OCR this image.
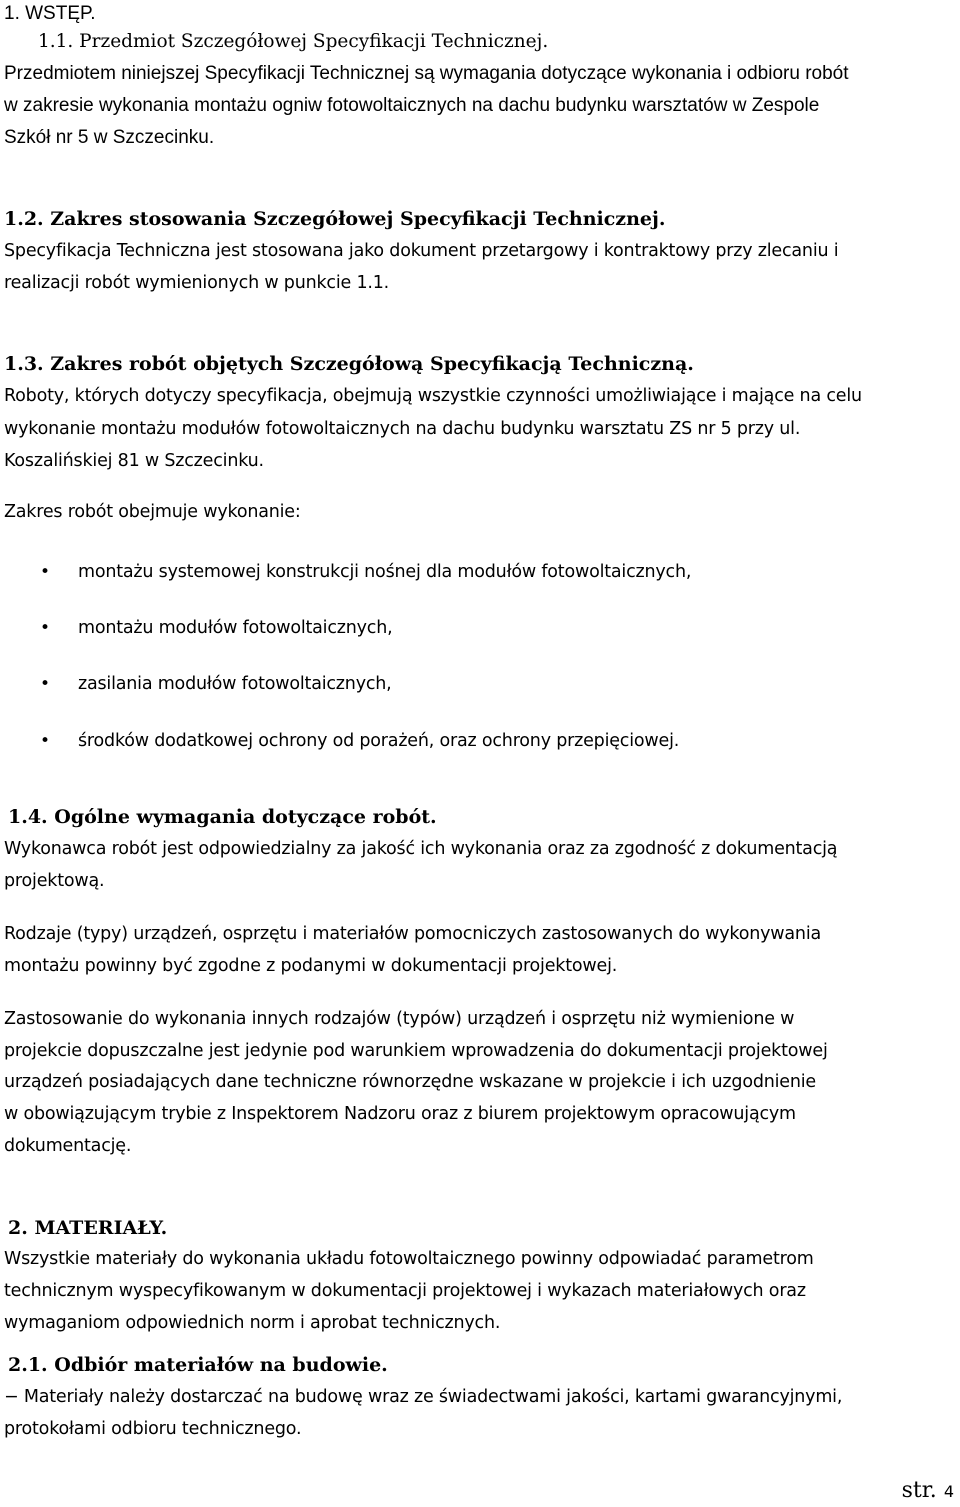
1. WSTĘP.
1.1. Przedmiot Szczegółowej Specyfikacji Technicznej.
Przedmiotem niniejszej Specyfikacji Technicznej są wymagania dotyczące wykonania i odbioru robót
w zakresie wykonania montażu ogniw fotowoltaicznych na dachu budynku warsztatów w Zespole
Szkół nr 5 w Szczecinku.
1.2. Zakres stosowania Szczegółowej Specyfikacji Technicznej.
Specyfikacja Techniczna jest stosowana jako dokument przetargowy i kontraktowy przy zlecaniu i
realizacji robót wymienionych w punkcie 1.1.
1.3. Zakres robót objętych Szczegółową Specyfikacją Techniczną.
Roboty, których dotyczy specyfikacja, obejmują wszystkie czynności umożliwiające i mające na celu
wykonanie montażu modułów fotowoltaicznych na dachu budynku warsztatu ZS nr 5 przy ul.
Koszalińskiej 81 w Szczecinku.
Zakres robót obejmuje wykonanie:
• montażu systemowej konstrukcji nośnej dla modułów fotowoltaicznych,
• montażu modułów fotowoltaicznych,
• zasilania modułów fotowoltaicznych,
• środków dodatkowej ochrony od porażeń, oraz ochrony przepięciowej.
1.4. Ogólne wymagania dotyczące robót.
Wykonawca robót jest odpowiedzialny za jakość ich wykonania oraz za zgodność z dokumentacją
projektową.
Rodzaje (typy) urządzeń, osprzętu i materiałów pomocniczych zastosowanych do wykonywania
montażu powinny być zgodne z podanymi w dokumentacji projektowej.
Zastosowanie do wykonania innych rodzajów (typów) urządzeń i osprzętu niż wymienione w
projekcie dopuszczalne jest jedynie pod warunkiem wprowadzenia do dokumentacji projektowej
urządzeń posiadających dane techniczne równorzędne wskazane w projekcie i ich uzgodnienie
w obowiązującym trybie z Inspektorem Nadzoru oraz z biurem projektowym opracowującym
dokumentację.
2. MATERIAŁY.
Wszystkie materiały do wykonania układu fotowoltaicznego powinny odpowiadać parametrom
technicznym wyspecyfikowanym w dokumentacji projektowej i wykazach materiałowych oraz
wymaganiom odpowiednich norm i aprobat technicznych.
2.1. Odbiór materiałów na budowie.
− Materiały należy dostarczać na budowę wraz ze świadectwami jakości, kartami gwarancyjnymi,
protokołami odbioru technicznego.
str. 4
